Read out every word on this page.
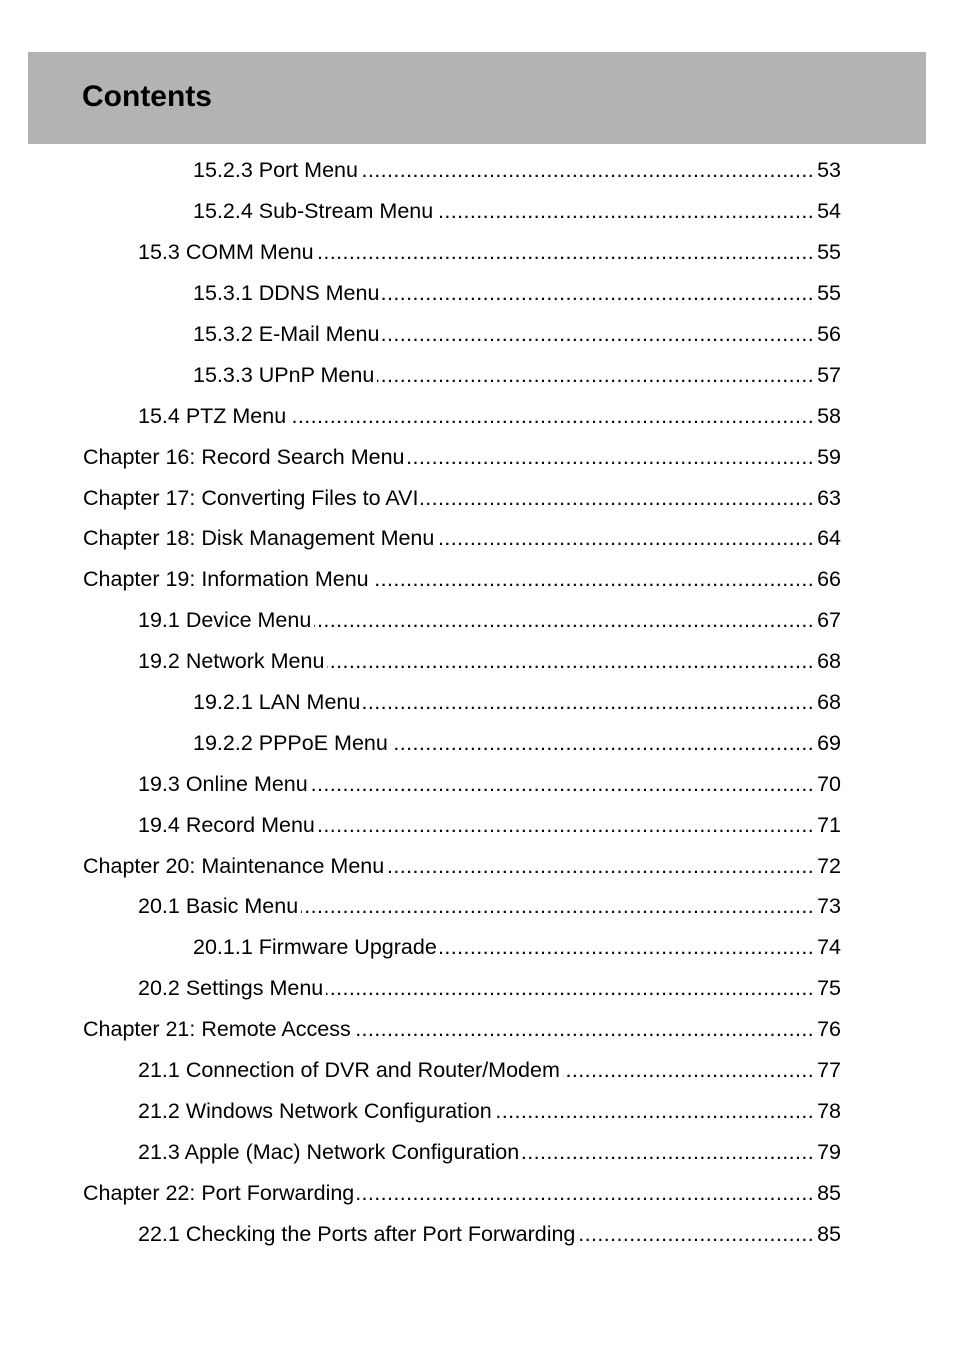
Contents
15.2.3 Port Menu .....	53
15.2.4 Sub-Stream Menu .....	54
15.3 COMM Menu .....	55
15.3.1 DDNS Menu .....	55
15.3.2 E-Mail Menu .....	56
15.3.3 UPnP Menu .....	57
15.4 PTZ Menu .....	58
Chapter 16: Record Search Menu .....	59
Chapter 17: Converting Files to AVI .....	63
Chapter 18: Disk Management Menu .....	64
Chapter 19: Information Menu .....	66
19.1 Device Menu .....	67
19.2 Network Menu .....	68
19.2.1 LAN Menu .....	68
19.2.2 PPPoE Menu .....	69
19.3 Online Menu .....	70
19.4 Record Menu .....	71
Chapter 20: Maintenance Menu .....	72
20.1 Basic Menu .....	73
20.1.1 Firmware Upgrade .....	74
20.2 Settings Menu .....	75
Chapter 21: Remote Access .....	76
21.1 Connection of DVR and Router/Modem .....	77
21.2 Windows Network Configuration .....	78
21.3 Apple (Mac) Network Configuration .....	79
Chapter 22: Port Forwarding .....	85
22.1 Checking the Ports after Port Forwarding .....	85
